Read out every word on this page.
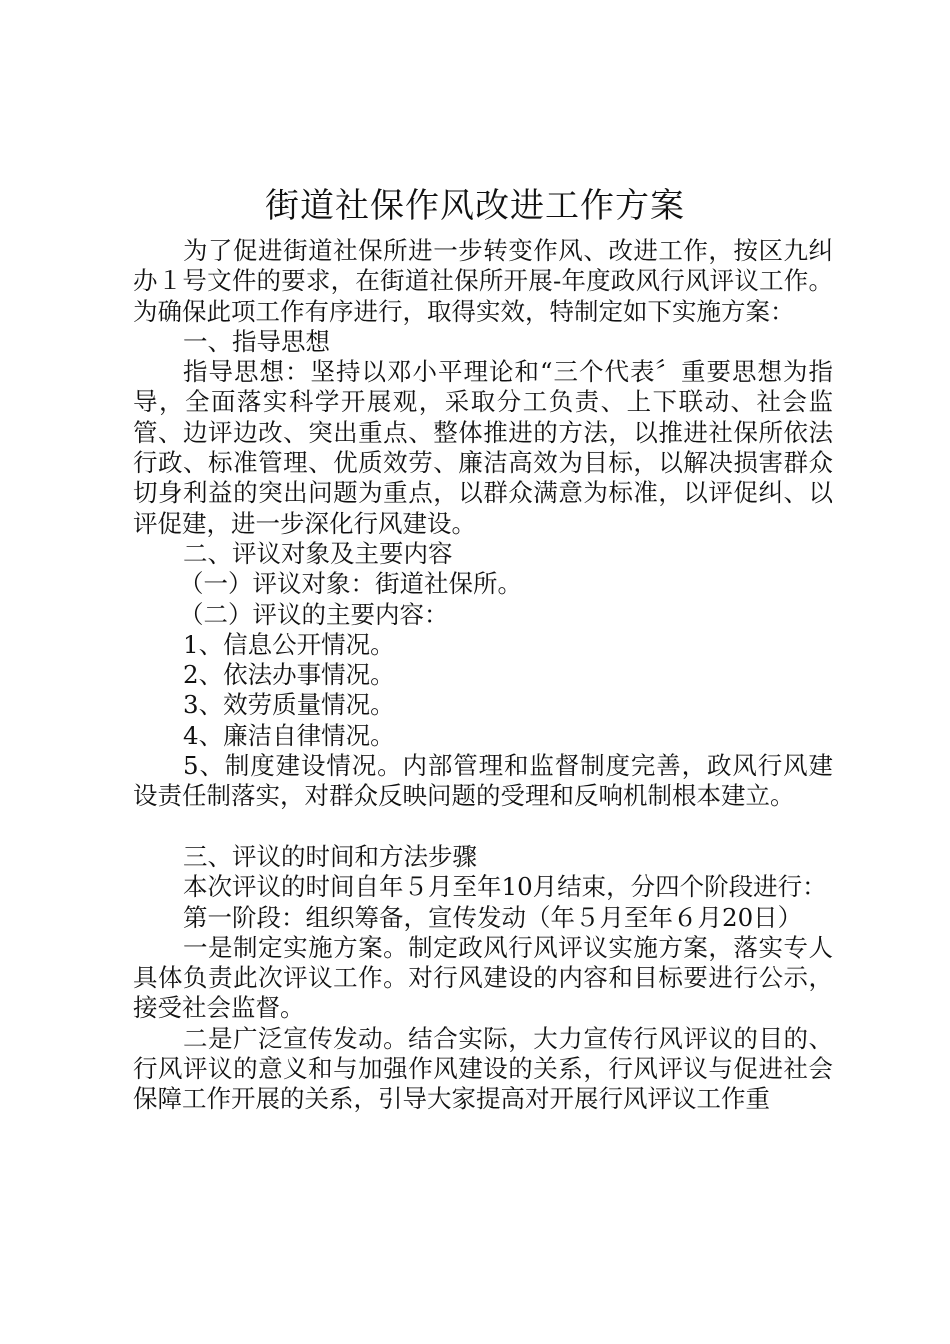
街道社保作风改进工作方案

为了促进街道社保所进一步转变作风、改进工作，按区九纠办１号文件的要求，在街道社保所开展-年度政风行风评议工作。为确保此项工作有序进行，取得实效，特制定如下实施方案：

一、指导思想

指导思想：坚持以邓小平理论和“三个代表〞重要思想为指导，全面落实科学开展观，采取分工负责、上下联动、社会监管、边评边改、突出重点、整体推进的方法，以推进社保所依法行政、标准管理、优质效劳、廉洁高效为目标，以解决损害群众切身利益的突出问题为重点，以群众满意为标准，以评促纠、以评促建，进一步深化行风建设。

二、评议对象及主要内容

（一）评议对象：街道社保所。

（二）评议的主要内容：

1、信息公开情况。

2、依法办事情况。

3、效劳质量情况。

4、廉洁自律情况。

5、制度建设情况。内部管理和监督制度完善，政风行风建设责任制落实，对群众反映问题的受理和反响机制根本建立。

三、评议的时间和方法步骤

本次评议的时间自年５月至年10月结束，分四个阶段进行：

第一阶段：组织筹备，宣传发动（年５月至年６月20日）

一是制定实施方案。制定政风行风评议实施方案，落实专人具体负责此次评议工作。对行风建设的内容和目标要进行公示，接受社会监督。

二是广泛宣传发动。结合实际，大力宣传行风评议的目的、行风评议的意义和与加强作风建设的关系，行风评议与促进社会保障工作开展的关系，引导大家提高对开展行风评议工作重
